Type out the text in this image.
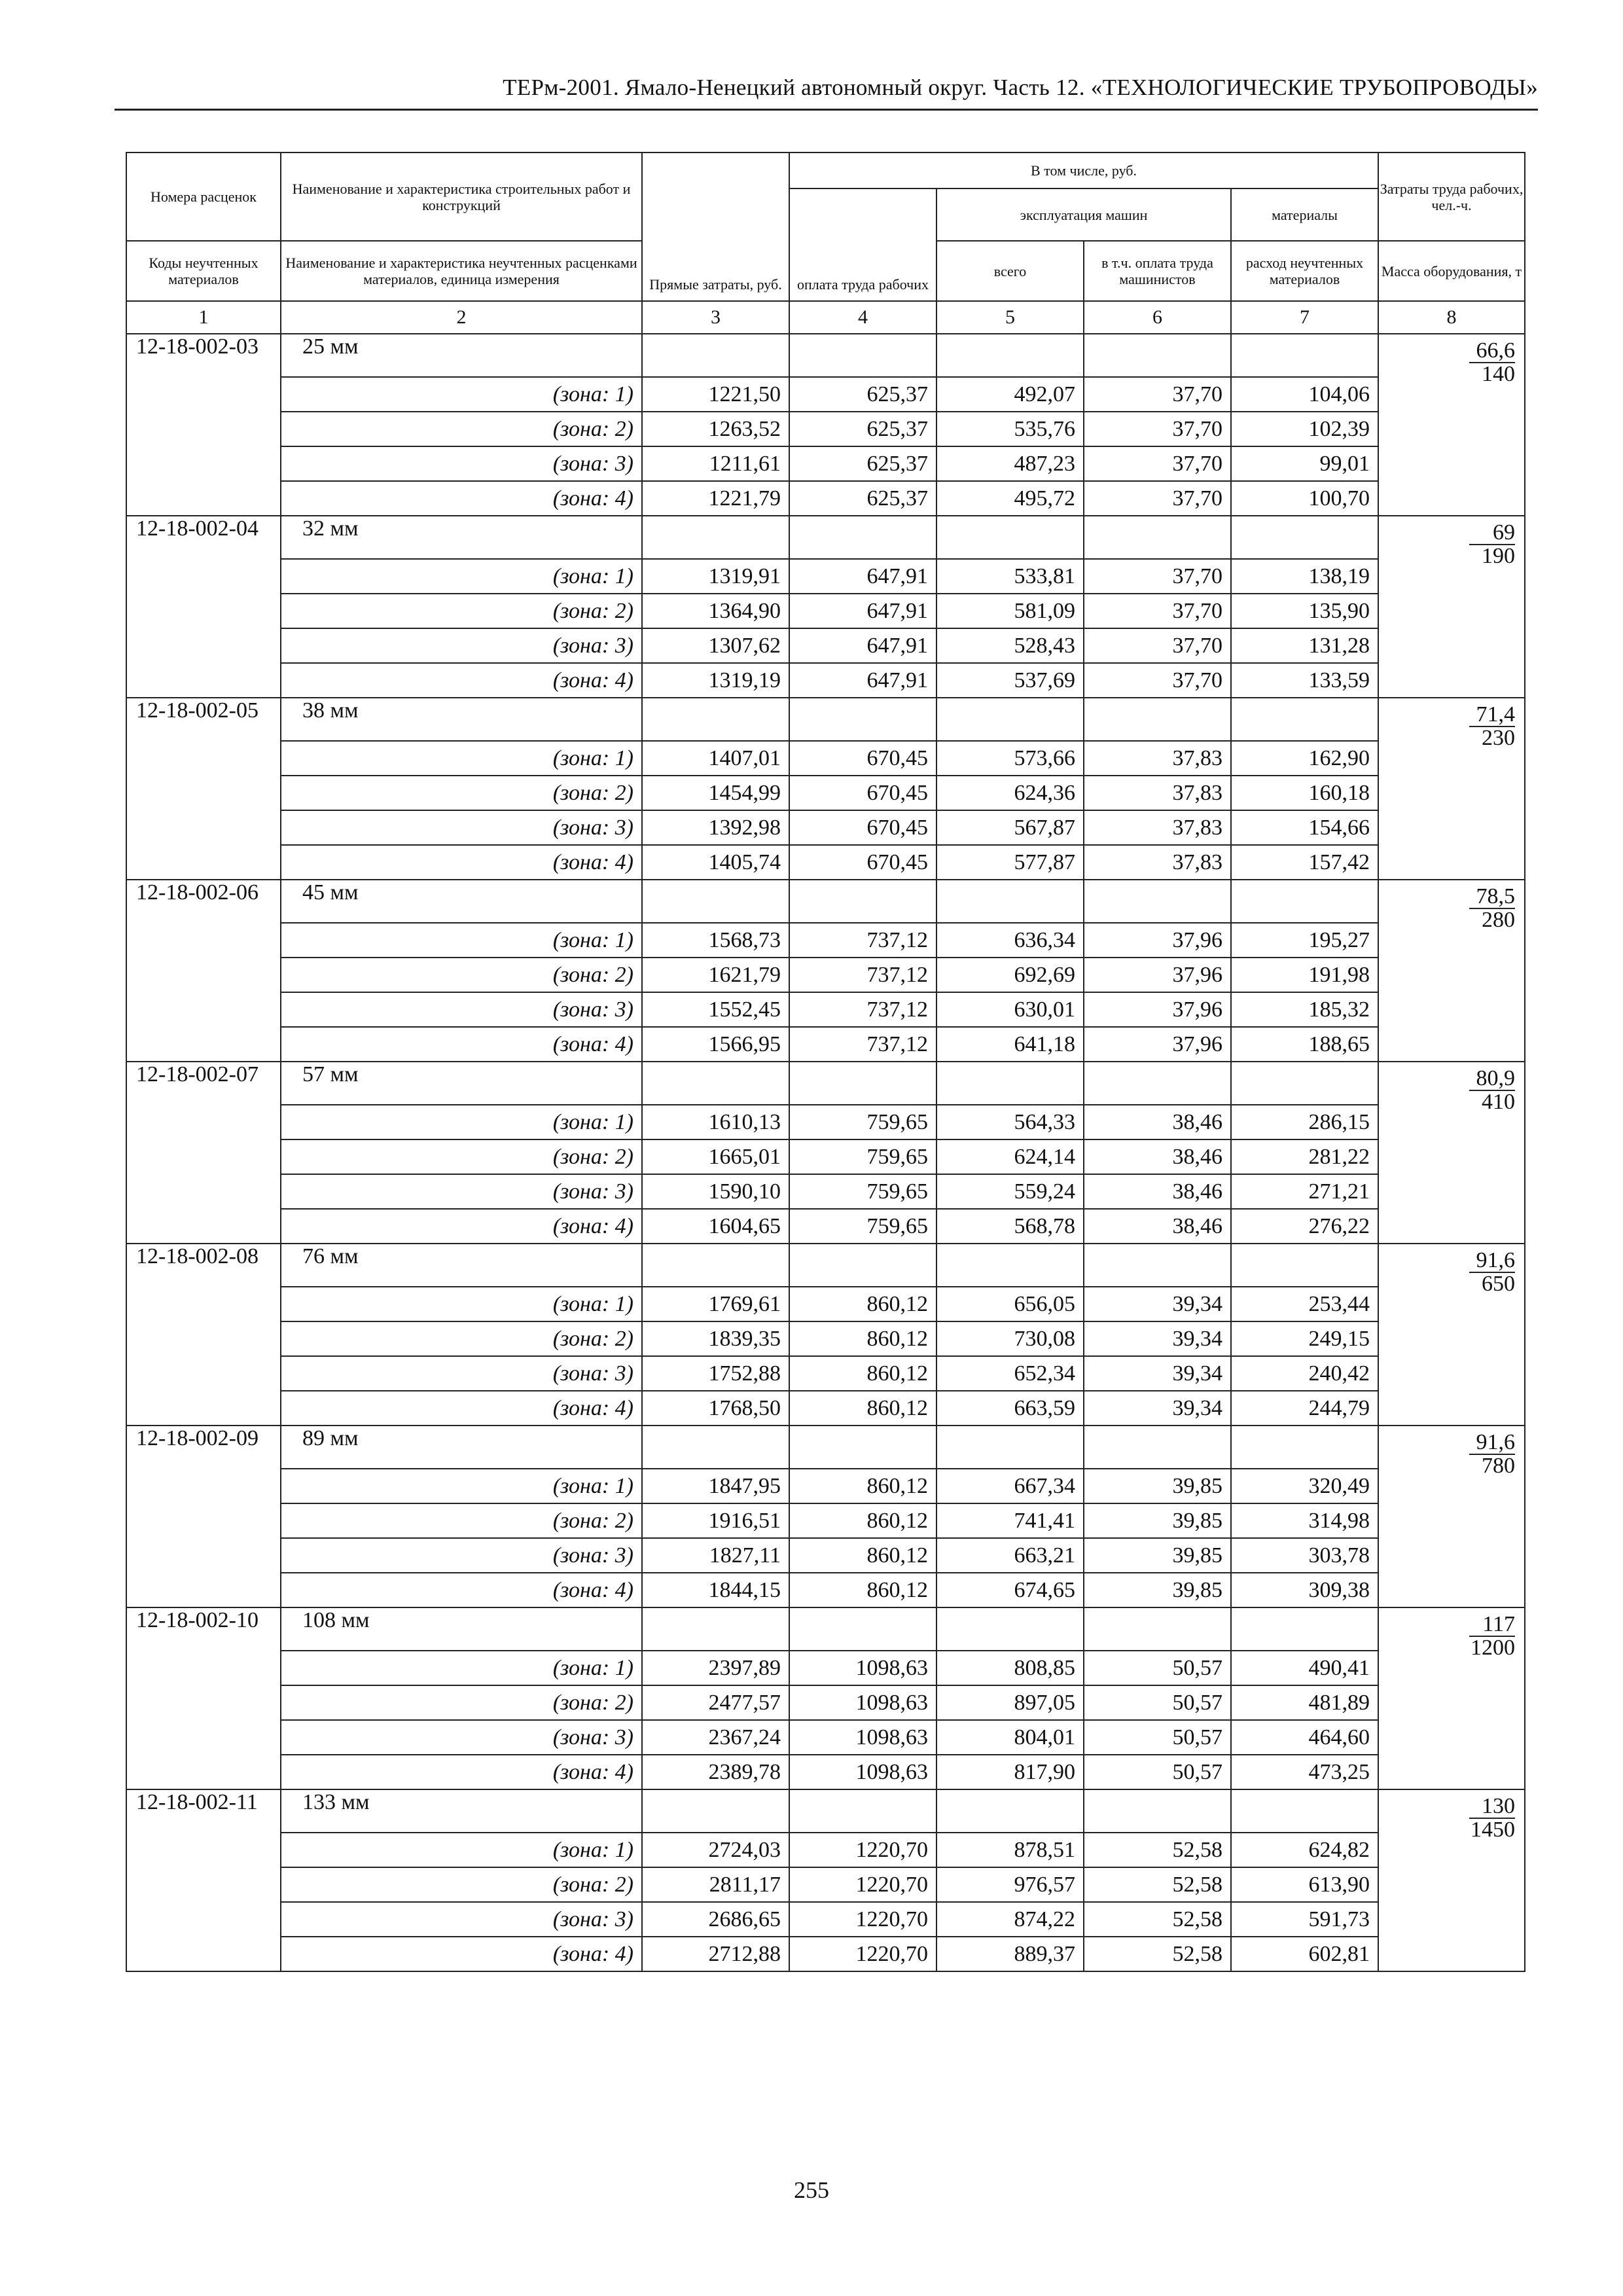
ТЕРм-2001. Ямало-Ненецкий автономный округ. Часть 12. «ТЕХНОЛОГИЧЕСКИЕ ТРУБОПРОВОДЫ»
Номера расценок	Наименование и характеристика строительных работ и конструкций	Прямые затраты, руб.	В том числе, руб.				Затраты труда рабочих, чел.-ч.
			оплата труда рабочих	эксплуатация машин		материалы	
Коды неучтенных материалов	Наименование и характеристика неучтенных расценками материалов, единица измерения			всего	в т.ч. оплата труда машинистов	расход неучтенных материалов	Масса оборудования, т
1	2	3	4	5	6	7	8
12-18-002-03	25 мм						$\frac{66,6}{140}$
	(зона: 1)	1221,50	625,37	492,07	37,70	104,06	
	(зона: 2)	1263,52	625,37	535,76	37,70	102,39	
	(зона: 3)	1211,61	625,37	487,23	37,70	99,01	
	(зона: 4)	1221,79	625,37	495,72	37,70	100,70	
12-18-002-04	32 мм						$\frac{69}{190}$
	(зона: 1)	1319,91	647,91	533,81	37,70	138,19	
	(зона: 2)	1364,90	647,91	581,09	37,70	135,90	
	(зона: 3)	1307,62	647,91	528,43	37,70	131,28	
	(зона: 4)	1319,19	647,91	537,69	37,70	133,59	
12-18-002-05	38 мм						$\frac{71,4}{230}$
	(зона: 1)	1407,01	670,45	573,66	37,83	162,90	
	(зона: 2)	1454,99	670,45	624,36	37,83	160,18	
	(зона: 3)	1392,98	670,45	567,87	37,83	154,66	
	(зона: 4)	1405,74	670,45	577,87	37,83	157,42	
12-18-002-06	45 мм						$\frac{78,5}{280}$
	(зона: 1)	1568,73	737,12	636,34	37,96	195,27	
	(зона: 2)	1621,79	737,12	692,69	37,96	191,98	
	(зона: 3)	1552,45	737,12	630,01	37,96	185,32	
	(зона: 4)	1566,95	737,12	641,18	37,96	188,65	
12-18-002-07	57 мм						$\frac{80,9}{410}$
	(зона: 1)	1610,13	759,65	564,33	38,46	286,15	
	(зона: 2)	1665,01	759,65	624,14	38,46	281,22	
	(зона: 3)	1590,10	759,65	559,24	38,46	271,21	
	(зона: 4)	1604,65	759,65	568,78	38,46	276,22	
12-18-002-08	76 мм						$\frac{91,6}{650}$
	(зона: 1)	1769,61	860,12	656,05	39,34	253,44	
	(зона: 2)	1839,35	860,12	730,08	39,34	249,15	
	(зона: 3)	1752,88	860,12	652,34	39,34	240,42	
	(зона: 4)	1768,50	860,12	663,59	39,34	244,79	
12-18-002-09	89 мм						$\frac{91,6}{780}$
	(зона: 1)	1847,95	860,12	667,34	39,85	320,49	
	(зона: 2)	1916,51	860,12	741,41	39,85	314,98	
	(зона: 3)	1827,11	860,12	663,21	39,85	303,78	
	(зона: 4)	1844,15	860,12	674,65	39,85	309,38	
12-18-002-10	108 мм						$\frac{117}{1200}$
	(зона: 1)	2397,89	1098,63	808,85	50,57	490,41	
	(зона: 2)	2477,57	1098,63	897,05	50,57	481,89	
	(зона: 3)	2367,24	1098,63	804,01	50,57	464,60	
	(зона: 4)	2389,78	1098,63	817,90	50,57	473,25	
12-18-002-11	133 мм						$\frac{130}{1450}$
	(зона: 1)	2724,03	1220,70	878,51	52,58	624,82	
	(зона: 2)	2811,17	1220,70	976,57	52,58	613,90	
	(зона: 3)	2686,65	1220,70	874,22	52,58	591,73	
	(зона: 4)	2712,88	1220,70	889,37	52,58	602,81	
255
